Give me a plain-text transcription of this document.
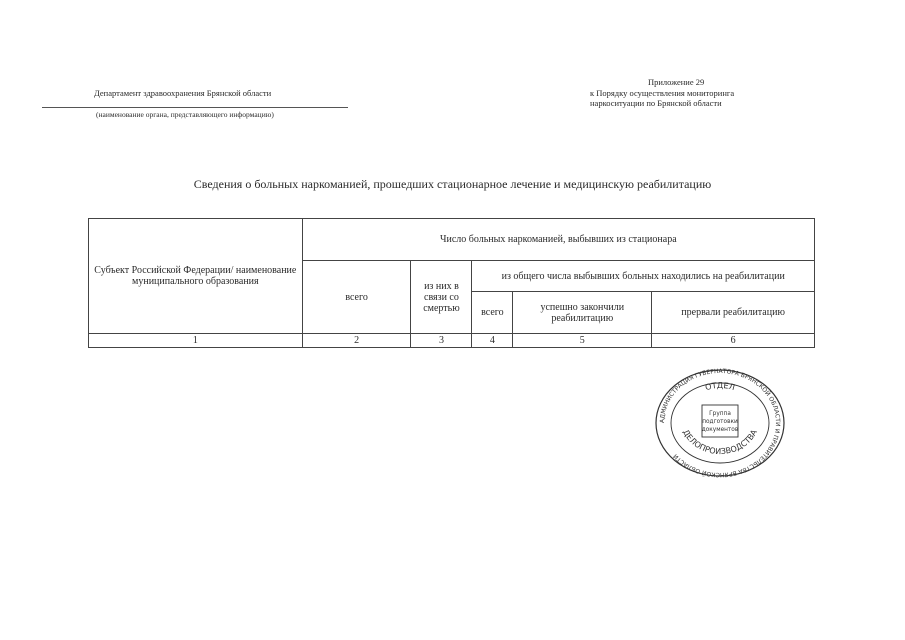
Департамент здравоохранения Брянской области
(наименование органа, представляющего информацию)
Приложение 29
к Порядку осуществления мониторинга
наркоситуации по Брянской области
Сведения о больных наркоманией, прошедших стационарное лечение и медицинскую реабилитацию
Субъект Российской Федерации/ наименование муниципального образования	Число больных наркоманией, выбывших из стационара				
	всего	из них в связи со смертью	из общего числа выбывших больных находились на реабилитации		
			всего	успешно закончили реабилитацию	прервали реабилитацию
1	2	3	4	5	6
АДМИНИСТРАЦИЯ ГУБЕРНАТОРА БРЯНСКОЙ ОБЛАСТИ И ПРАВИТЕЛЬСТВА БРЯНСКОЙ ОБЛАСТИ
ОТДЕЛ
ДЕЛОПРОИЗВОДСТВА
Группа
подготовки
документов
